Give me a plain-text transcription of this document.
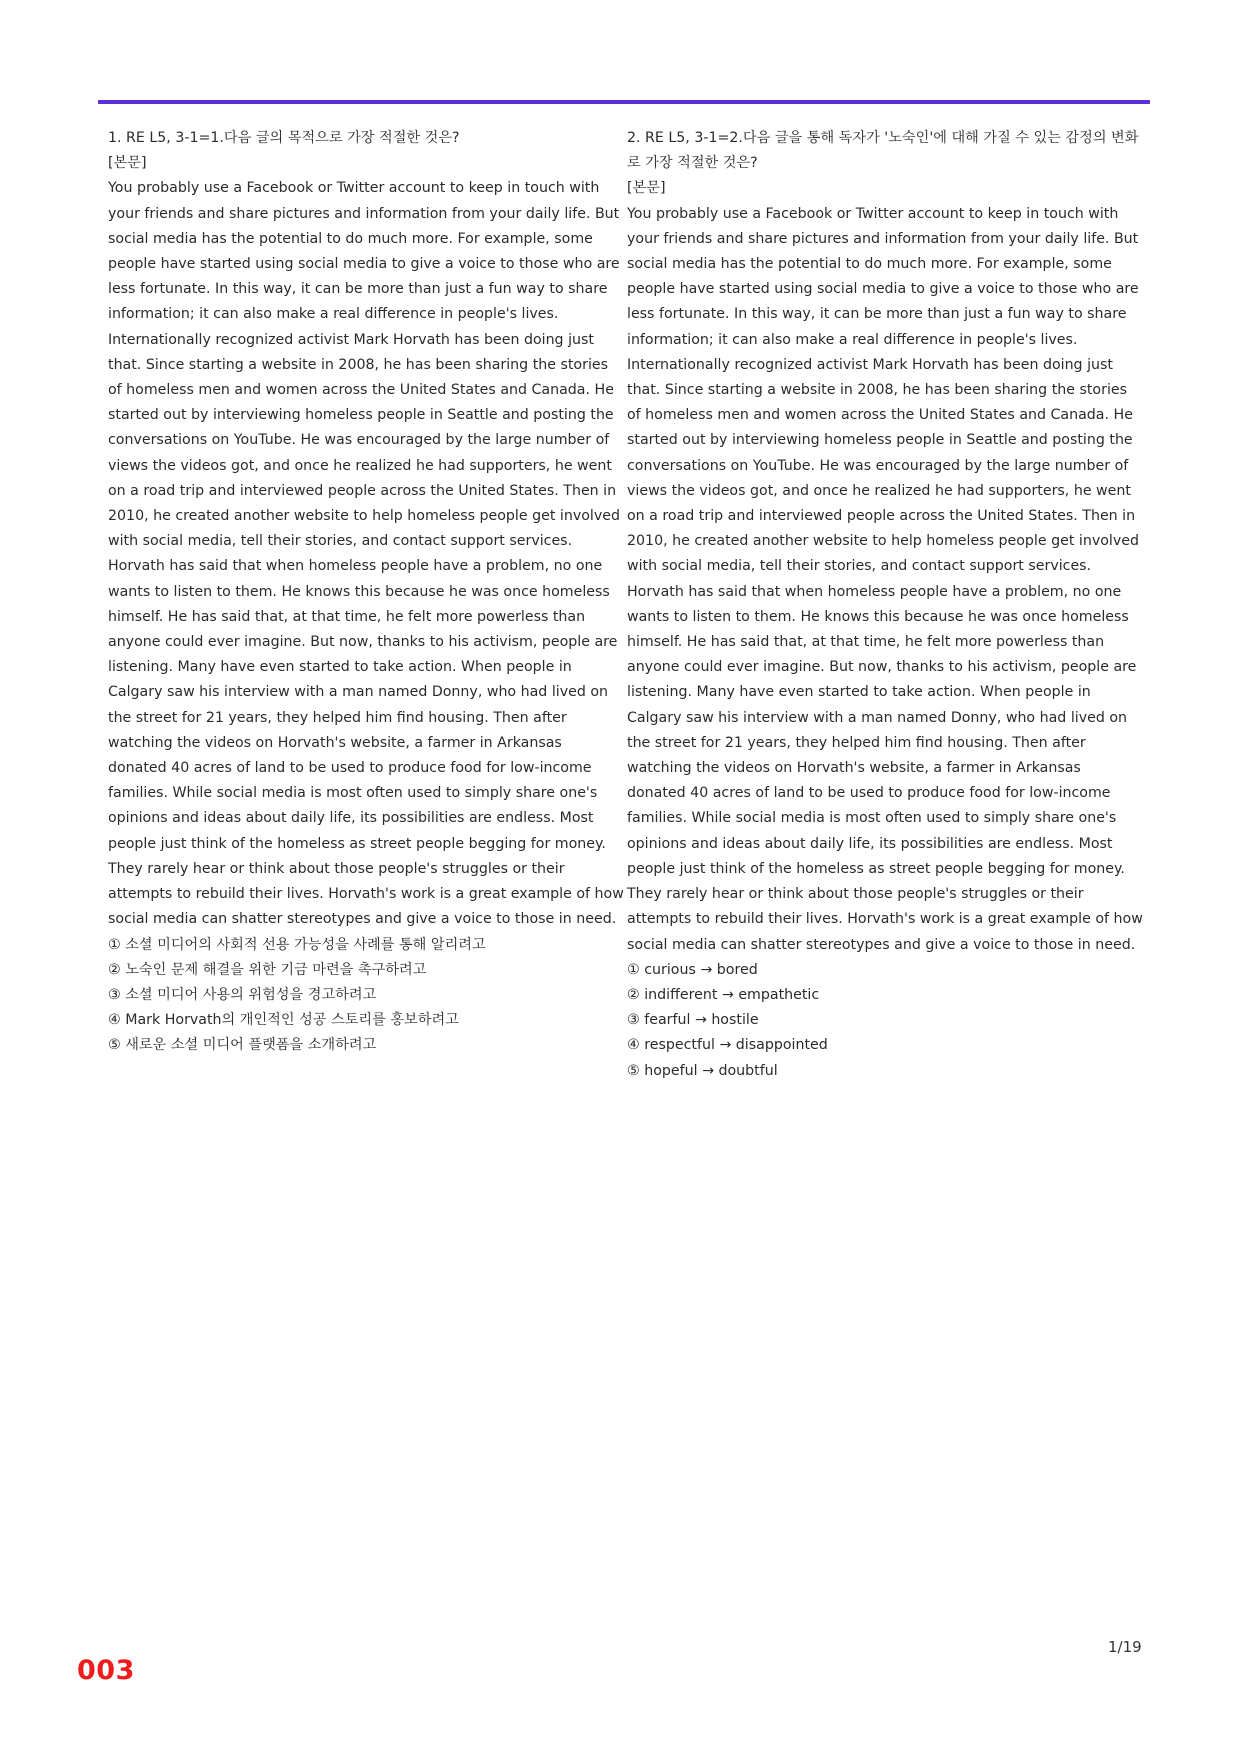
1. RE L5, 3-1=1.다음 글의 목적으로 가장 적절한 것은?

[본문]

You probably use a Facebook or Twitter account to keep in touch with your friends and share pictures and information from your daily life. But social media has the potential to do much more. For example, some people have started using social media to give a voice to those who are less fortunate. In this way, it can be more than just a fun way to share information; it can also make a real difference in people's lives. Internationally recognized activist Mark Horvath has been doing just that. Since starting a website in 2008, he has been sharing the stories of homeless men and women across the United States and Canada. He started out by interviewing homeless people in Seattle and posting the conversations on YouTube. He was encouraged by the large number of views the videos got, and once he realized he had supporters, he went on a road trip and interviewed people across the United States. Then in 2010, he created another website to help homeless people get involved with social media, tell their stories, and contact support services. Horvath has said that when homeless people have a problem, no one wants to listen to them. He knows this because he was once homeless himself. He has said that, at that time, he felt more powerless than anyone could ever imagine. But now, thanks to his activism, people are listening. Many have even started to take action. When people in Calgary saw his interview with a man named Donny, who had lived on the street for 21 years, they helped him find housing. Then after watching the videos on Horvath's website, a farmer in Arkansas donated 40 acres of land to be used to produce food for low-income families. While social media is most often used to simply share one's opinions and ideas about daily life, its possibilities are endless. Most people just think of the homeless as street people begging for money. They rarely hear or think about those people's struggles or their attempts to rebuild their lives. Horvath's work is a great example of how social media can shatter stereotypes and give a voice to those in need.

① 소셜 미디어의 사회적 선용 가능성을 사례를 통해 알리려고
② 노숙인 문제 해결을 위한 기금 마련을 촉구하려고
③ 소셜 미디어 사용의 위험성을 경고하려고
④ Mark Horvath의 개인적인 성공 스토리를 홍보하려고
⑤ 새로운 소셜 미디어 플랫폼을 소개하려고
2. RE L5, 3-1=2.다음 글을 통해 독자가 '노숙인'에 대해 가질 수 있는 감정의 변화로 가장 적절한 것은?

[본문]

You probably use a Facebook or Twitter account to keep in touch with your friends and share pictures and information from your daily life. But social media has the potential to do much more. For example, some people have started using social media to give a voice to those who are less fortunate. In this way, it can be more than just a fun way to share information; it can also make a real difference in people's lives. Internationally recognized activist Mark Horvath has been doing just that. Since starting a website in 2008, he has been sharing the stories of homeless men and women across the United States and Canada. He started out by interviewing homeless people in Seattle and posting the conversations on YouTube. He was encouraged by the large number of views the videos got, and once he realized he had supporters, he went on a road trip and interviewed people across the United States. Then in 2010, he created another website to help homeless people get involved with social media, tell their stories, and contact support services. Horvath has said that when homeless people have a problem, no one wants to listen to them. He knows this because he was once homeless himself. He has said that, at that time, he felt more powerless than anyone could ever imagine. But now, thanks to his activism, people are listening. Many have even started to take action. When people in Calgary saw his interview with a man named Donny, who had lived on the street for 21 years, they helped him find housing. Then after watching the videos on Horvath's website, a farmer in Arkansas donated 40 acres of land to be used to produce food for low-income families. While social media is most often used to simply share one's opinions and ideas about daily life, its possibilities are endless. Most people just think of the homeless as street people begging for money. They rarely hear or think about those people's struggles or their attempts to rebuild their lives. Horvath's work is a great example of how social media can shatter stereotypes and give a voice to those in need.

① curious → bored
② indifferent → empathetic
③ fearful → hostile
④ respectful → disappointed
⑤ hopeful → doubtful
1/19
003
